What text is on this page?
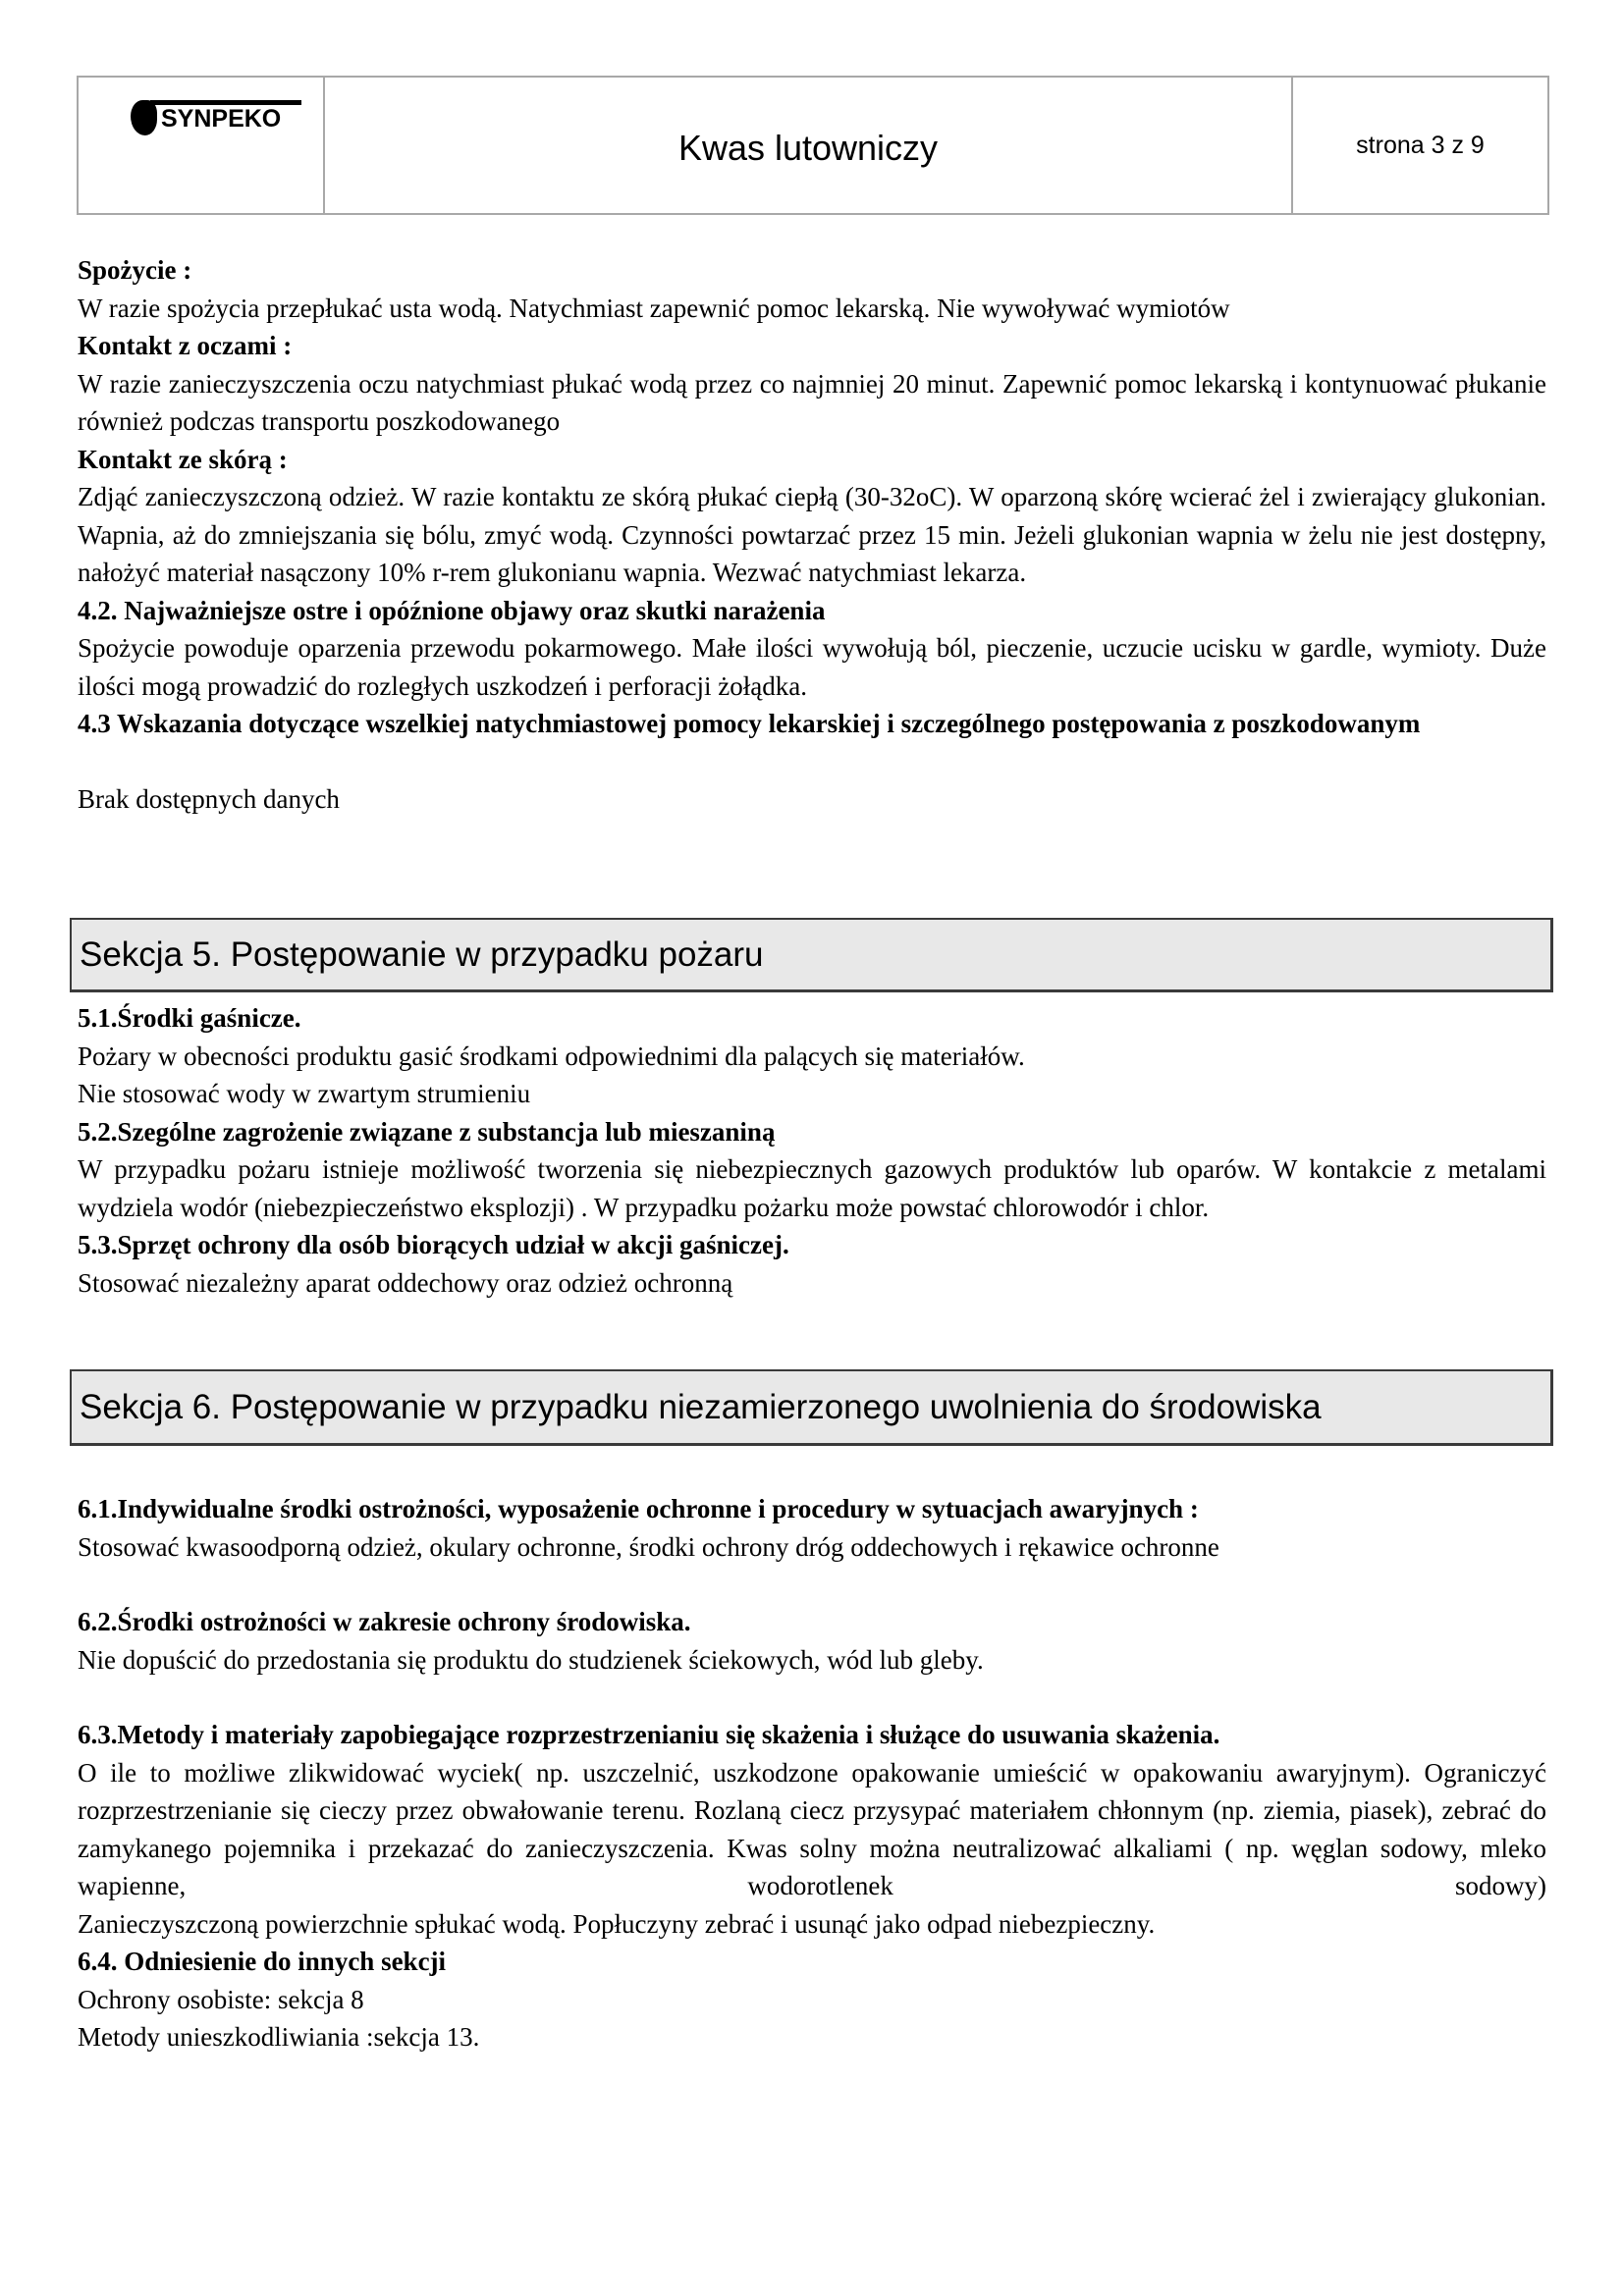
SYNPEKO
Kwas lutowniczy	strona 3 z 9

Spożycie :

W razie spożycia przepłukać usta wodą. Natychmiast zapewnić pomoc lekarską. Nie wywoływać wymiotów

Kontakt z oczami :

W razie zanieczyszczenia oczu natychmiast płukać wodą przez co najmniej 20 minut. Zapewnić pomoc lekarską i kontynuować płukanie również podczas transportu poszkodowanego

Kontakt ze skórą :

Zdjąć zanieczyszczoną odzież. W razie kontaktu ze skórą płukać ciepłą (30-32oC). W oparzoną skórę wcierać żel i zwierający glukonian. Wapnia, aż do zmniejszania się bólu, zmyć wodą. Czynności powtarzać przez 15 min. Jeżeli glukonian wapnia w żelu nie jest dostępny, nałożyć materiał nasączony 10% r-rem glukonianu wapnia. Wezwać natychmiast lekarza.

4.2. Najważniejsze ostre i opóźnione objawy oraz skutki narażenia

Spożycie powoduje oparzenia przewodu pokarmowego. Małe ilości wywołują ból, pieczenie, uczucie ucisku w gardle, wymioty. Duże ilości mogą prowadzić do rozległych uszkodzeń i perforacji żołądka.

4.3 Wskazania dotyczące wszelkiej natychmiastowej pomocy lekarskiej i szczególnego postępowania z poszkodowanym

Brak dostępnych danych

Sekcja 5. Postępowanie w przypadku pożaru

5.1.Środki gaśnicze.

Pożary w obecności produktu gasić środkami odpowiednimi dla palących się materiałów.

Nie stosować wody w zwartym strumieniu

5.2.Szególne zagrożenie związane z substancja lub mieszaniną

W przypadku pożaru istnieje możliwość tworzenia się niebezpiecznych gazowych produktów lub oparów. W kontakcie z metalami wydziela wodór (niebezpieczeństwo eksplozji) . W przypadku pożarku może powstać chlorowodór i chlor.

5.3.Sprzęt ochrony dla osób biorących udział w akcji gaśniczej.

Stosować niezależny aparat oddechowy oraz odzież ochronną

Sekcja 6. Postępowanie w przypadku niezamierzonego uwolnienia do środowiska

6.1.Indywidualne środki ostrożności, wyposażenie ochronne i procedury w sytuacjach awaryjnych :

Stosować kwasoodporną odzież, okulary ochronne, środki ochrony dróg oddechowych i rękawice ochronne

6.2.Środki ostrożności w zakresie ochrony środowiska.

Nie dopuścić do przedostania się produktu do studzienek ściekowych, wód lub gleby.

6.3.Metody i materiały zapobiegające rozprzestrzenianiu się skażenia i służące do usuwania skażenia.

O ile to możliwe zlikwidować wyciek( np. uszczelnić, uszkodzone opakowanie umieścić w opakowaniu awaryjnym). Ograniczyć rozprzestrzenianie się cieczy przez obwałowanie terenu. Rozlaną ciecz przysypać materiałem chłonnym (np. ziemia, piasek), zebrać do zamykanego pojemnika i przekazać do zanieczyszczenia. Kwas solny można neutralizować alkaliami ( np. węglan sodowy, mleko wapienne, wodorotlenek sodowy)

Zanieczyszczoną powierzchnie spłukać wodą. Popłuczyny zebrać i usunąć jako odpad niebezpieczny.

6.4. Odniesienie do innych sekcji

Ochrony osobiste: sekcja 8

Metody unieszkodliwiania :sekcja 13.
